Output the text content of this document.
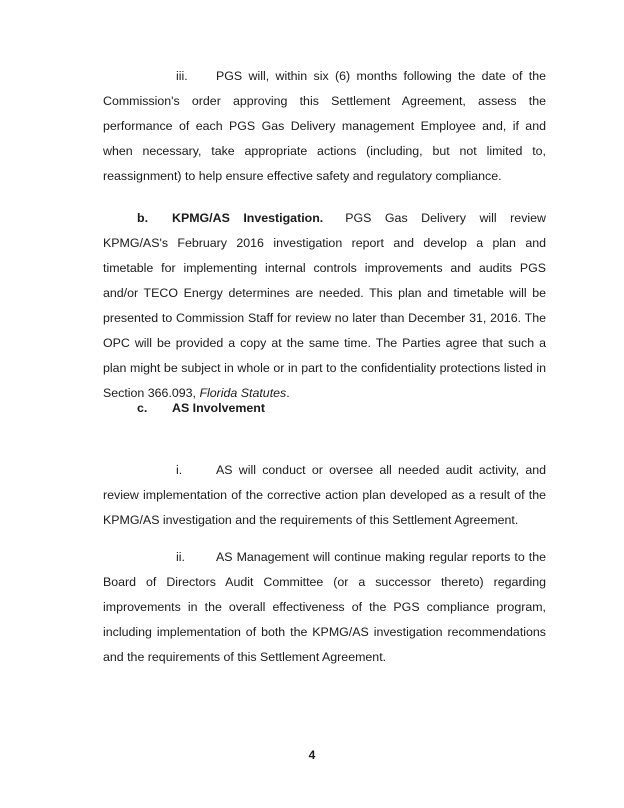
iii. PGS will, within six (6) months following the date of the Commission's order approving this Settlement Agreement, assess the performance of each PGS Gas Delivery management Employee and, if and when necessary, take appropriate actions (including, but not limited to, reassignment) to help ensure effective safety and regulatory compliance.

b. KPMG/AS Investigation. PGS Gas Delivery will review KPMG/AS's February 2016 investigation report and develop a plan and timetable for implementing internal controls improvements and audits PGS and/or TECO Energy determines are needed. This plan and timetable will be presented to Commission Staff for review no later than December 31, 2016. The OPC will be provided a copy at the same time. The Parties agree that such a plan might be subject in whole or in part to the confidentiality protections listed in Section 366.093, Florida Statutes.

c. AS Involvement

i.	AS will conduct or oversee all needed audit activity, and review implementation of the corrective action plan developed as a result of the KPMG/AS investigation and the requirements of this Settlement Agreement.

ii.	AS Management will continue making regular reports to the Board of Directors Audit Committee (or a successor thereto) regarding improvements in the overall effectiveness of the PGS compliance program, including implementation of both the KPMG/AS investigation recommendations and the requirements of this Settlement Agreement.

4
